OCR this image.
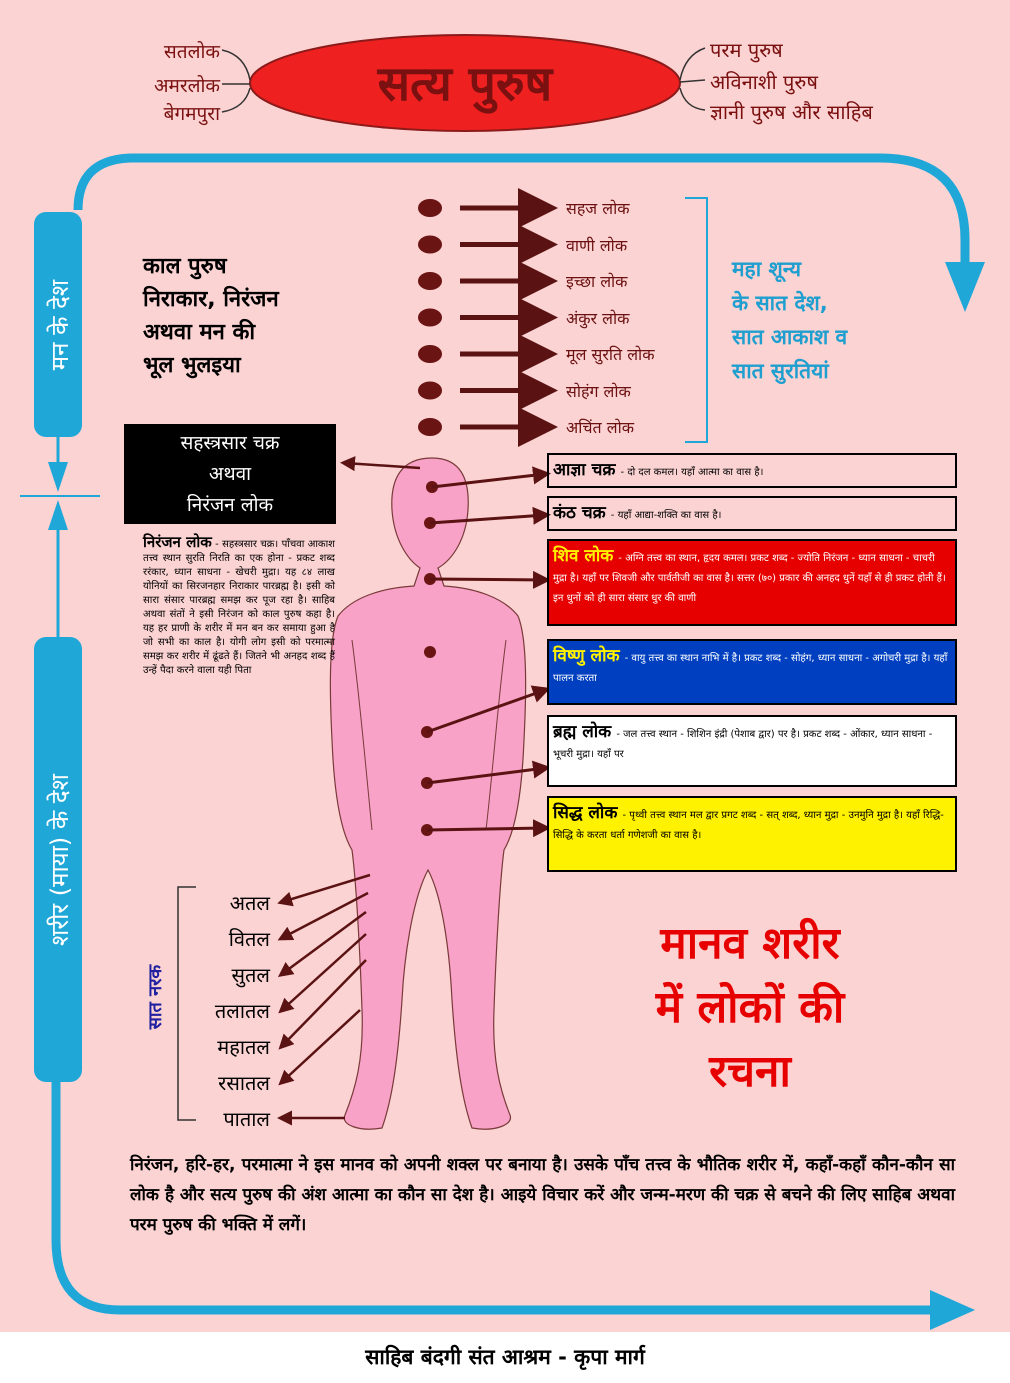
सत्य पुरुष
सतलोक
अमरलोक
बेगमपुरा
परम पुरुष
अविनाशी पुरुष
ज्ञानी पुरुष और साहिब
मन के देश
शरीर (माया) के देश
काल पुरुष
निराकार, निरंजन
अथवा मन की
भूल भुलइया
सहज लोक
वाणी लोक
इच्छा लोक
अंकुर लोक
मूल सुरति लोक
सोहंग लोक
अचिंत लोक
महा शून्य
के सात देश,
सात आकाश व
सात सुरतियां
सहस्त्रसार चक्र
अथवा
निरंजन लोक
निरंजन लोक - सहस्त्रसार चक्र। पाँचवा आकाश तत्त्व स्थान सुरति निरति का एक होना - प्रकट शब्द ररंकार, ध्यान साधना - खेचरी मुद्रा। यह ८४ लाख योनियों का सिरजनहार निराकार पारब्रह्म है। इसी को सारा संसार पारब्रह्म समझ कर पूज रहा है। साहिब अथवा संतों ने इसी निरंजन को काल पुरुष कहा है। यह हर प्राणी के शरीर में मन बन कर समाया हुआ है जो सभी का काल है। योगी लोग इसी को परमात्मा समझ कर शरीर में ढूंढते हैं। जितने भी अनहद शब्द हैं उन्हें पैदा करने वाला यही पिता
आज्ञा चक्र - दो दल कमल। यहाँ आत्मा का वास है।
कंठ चक्र - यहाँ आद्या-शक्ति का वास है।
शिव लोक - अग्नि तत्त्व का स्थान, हृदय कमल। प्रकट शब्द - ज्योति निरंजन - ध्यान साधना - चाचरी मुद्रा है। यहाँ पर शिवजी और पार्वतीजी का वास है। सत्तर (७०) प्रकार की अनहद धुनें यहाँ से ही प्रकट होती हैं। इन धुनों को ही सारा संसार धुर की वाणी
विष्णु लोक - वायु तत्त्व का स्थान नाभि में है। प्रकट शब्द - सोहंग, ध्यान साधना - अगोचरी मुद्रा है। यहाँ पालन करता
ब्रह्म लोक - जल तत्त्व स्थान - शिशिन इंद्री (पेशाब द्वार) पर है। प्रकट शब्द - ओंकार, ध्यान साधना - भूचरी मुद्रा। यहाँ पर
सिद्ध लोक - पृथ्वी तत्त्व स्थान मल द्वार प्रगट शब्द - सत् शब्द, ध्यान मुद्रा - उनमुनि मुद्रा है। यहाँ रिद्धि-सिद्धि के करता धर्ता गणेशजी का वास है।
सात नरक
अतल
वितल
सुतल
तलातल
महातल
रसातल
पाताल
मानव शरीर
में लोकों की
रचना
निरंजन, हरि-हर, परमात्मा ने इस मानव को अपनी शक्ल पर बनाया है। उसके पाँच तत्त्व के भौतिक शरीर में, कहाँ-कहाँ कौन-कौन सा लोक है और सत्य पुरुष की अंश आत्मा का कौन सा देश है। आइये विचार करें और जन्म-मरण की चक्र से बचने की लिए साहिब अथवा परम पुरुष की भक्ति में लगें।
साहिब बंदगी संत आश्रम - कृपा मार्ग
